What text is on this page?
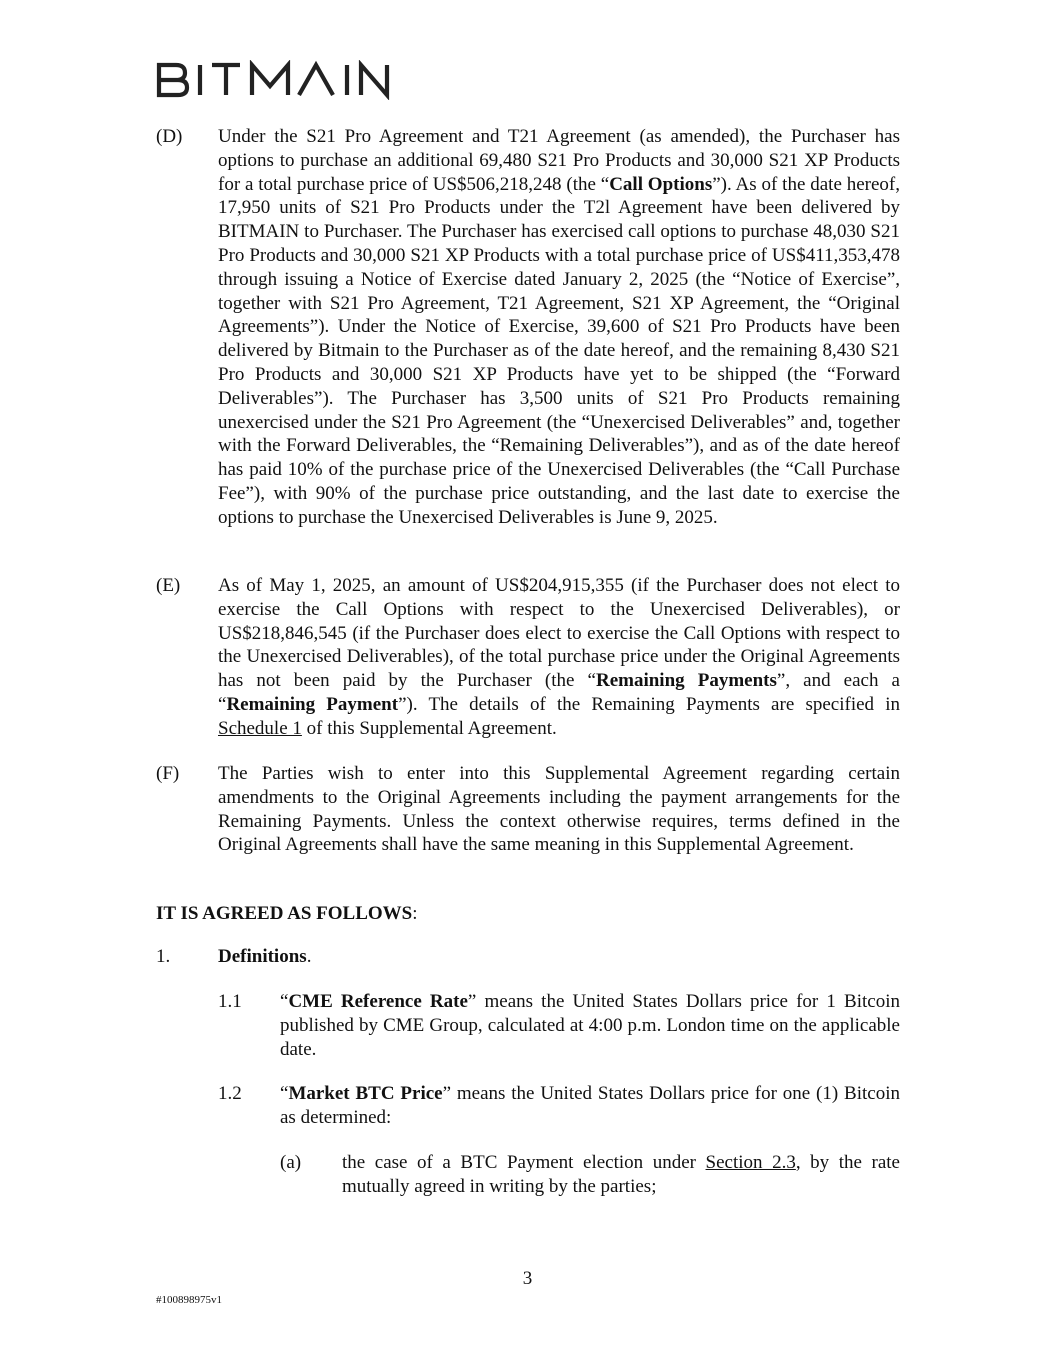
(D) Under the S21 Pro Agreement and T21 Agreement (as amended), the Purchaser has options to purchase an additional 69,480 S21 Pro Products and 30,000 S21 XP Products for a total purchase price of US$506,218,248 (the “Call Options”). As of the date hereof, 17,950 units of S21 Pro Products under the T2l Agreement have been delivered by BITMAIN to Purchaser. The Purchaser has exercised call options to purchase 48,030 S21 Pro Products and 30,000 S21 XP Products with a total purchase price of US$411,353,478 through issuing a Notice of Exercise dated January 2, 2025 (the “Notice of Exercise”, together with S21 Pro Agreement, T21 Agreement, S21 XP Agreement, the “Original Agreements”). Under the Notice of Exercise, 39,600 of S21 Pro Products have been delivered by Bitmain to the Purchaser as of the date hereof, and the remaining 8,430 S21 Pro Products and 30,000 S21 XP Products have yet to be shipped (the “Forward Deliverables”). The Purchaser has 3,500 units of S21 Pro Products remaining unexercised under the S21 Pro Agreement (the “Unexercised Deliverables” and, together with the Forward Deliverables, the “Remaining Deliverables”), and as of the date hereof has paid 10% of the purchase price of the Unexercised Deliverables (the “Call Purchase Fee”), with 90% of the purchase price outstanding, and the last date to exercise the options to purchase the Unexercised Deliverables is June 9, 2025.
(E) As of May 1, 2025, an amount of US$204,915,355 (if the Purchaser does not elect to exercise the Call Options with respect to the Unexercised Deliverables), or US$218,846,545 (if the Purchaser does elect to exercise the Call Options with respect to the Unexercised Deliverables), of the total purchase price under the Original Agreements has not been paid by the Purchaser (the “Remaining Payments”, and each a “Remaining Payment”). The details of the Remaining Payments are specified in Schedule 1 of this Supplemental Agreement.
(F) The Parties wish to enter into this Supplemental Agreement regarding certain amendments to the Original Agreements including the payment arrangements for the Remaining Payments. Unless the context otherwise requires, terms defined in the Original Agreements shall have the same meaning in this Supplemental Agreement.
IT IS AGREED AS FOLLOWS:
1.	Definitions.
1.1 “CME Reference Rate” means the United States Dollars price for 1 Bitcoin published by CME Group, calculated at 4:00 p.m. London time on the applicable date.
1.2 “Market BTC Price” means the United States Dollars price for one (1) Bitcoin as determined:
(a) the case of a BTC Payment election under Section 2.3, by the rate mutually agreed in writing by the parties;
3
#100898975v1
